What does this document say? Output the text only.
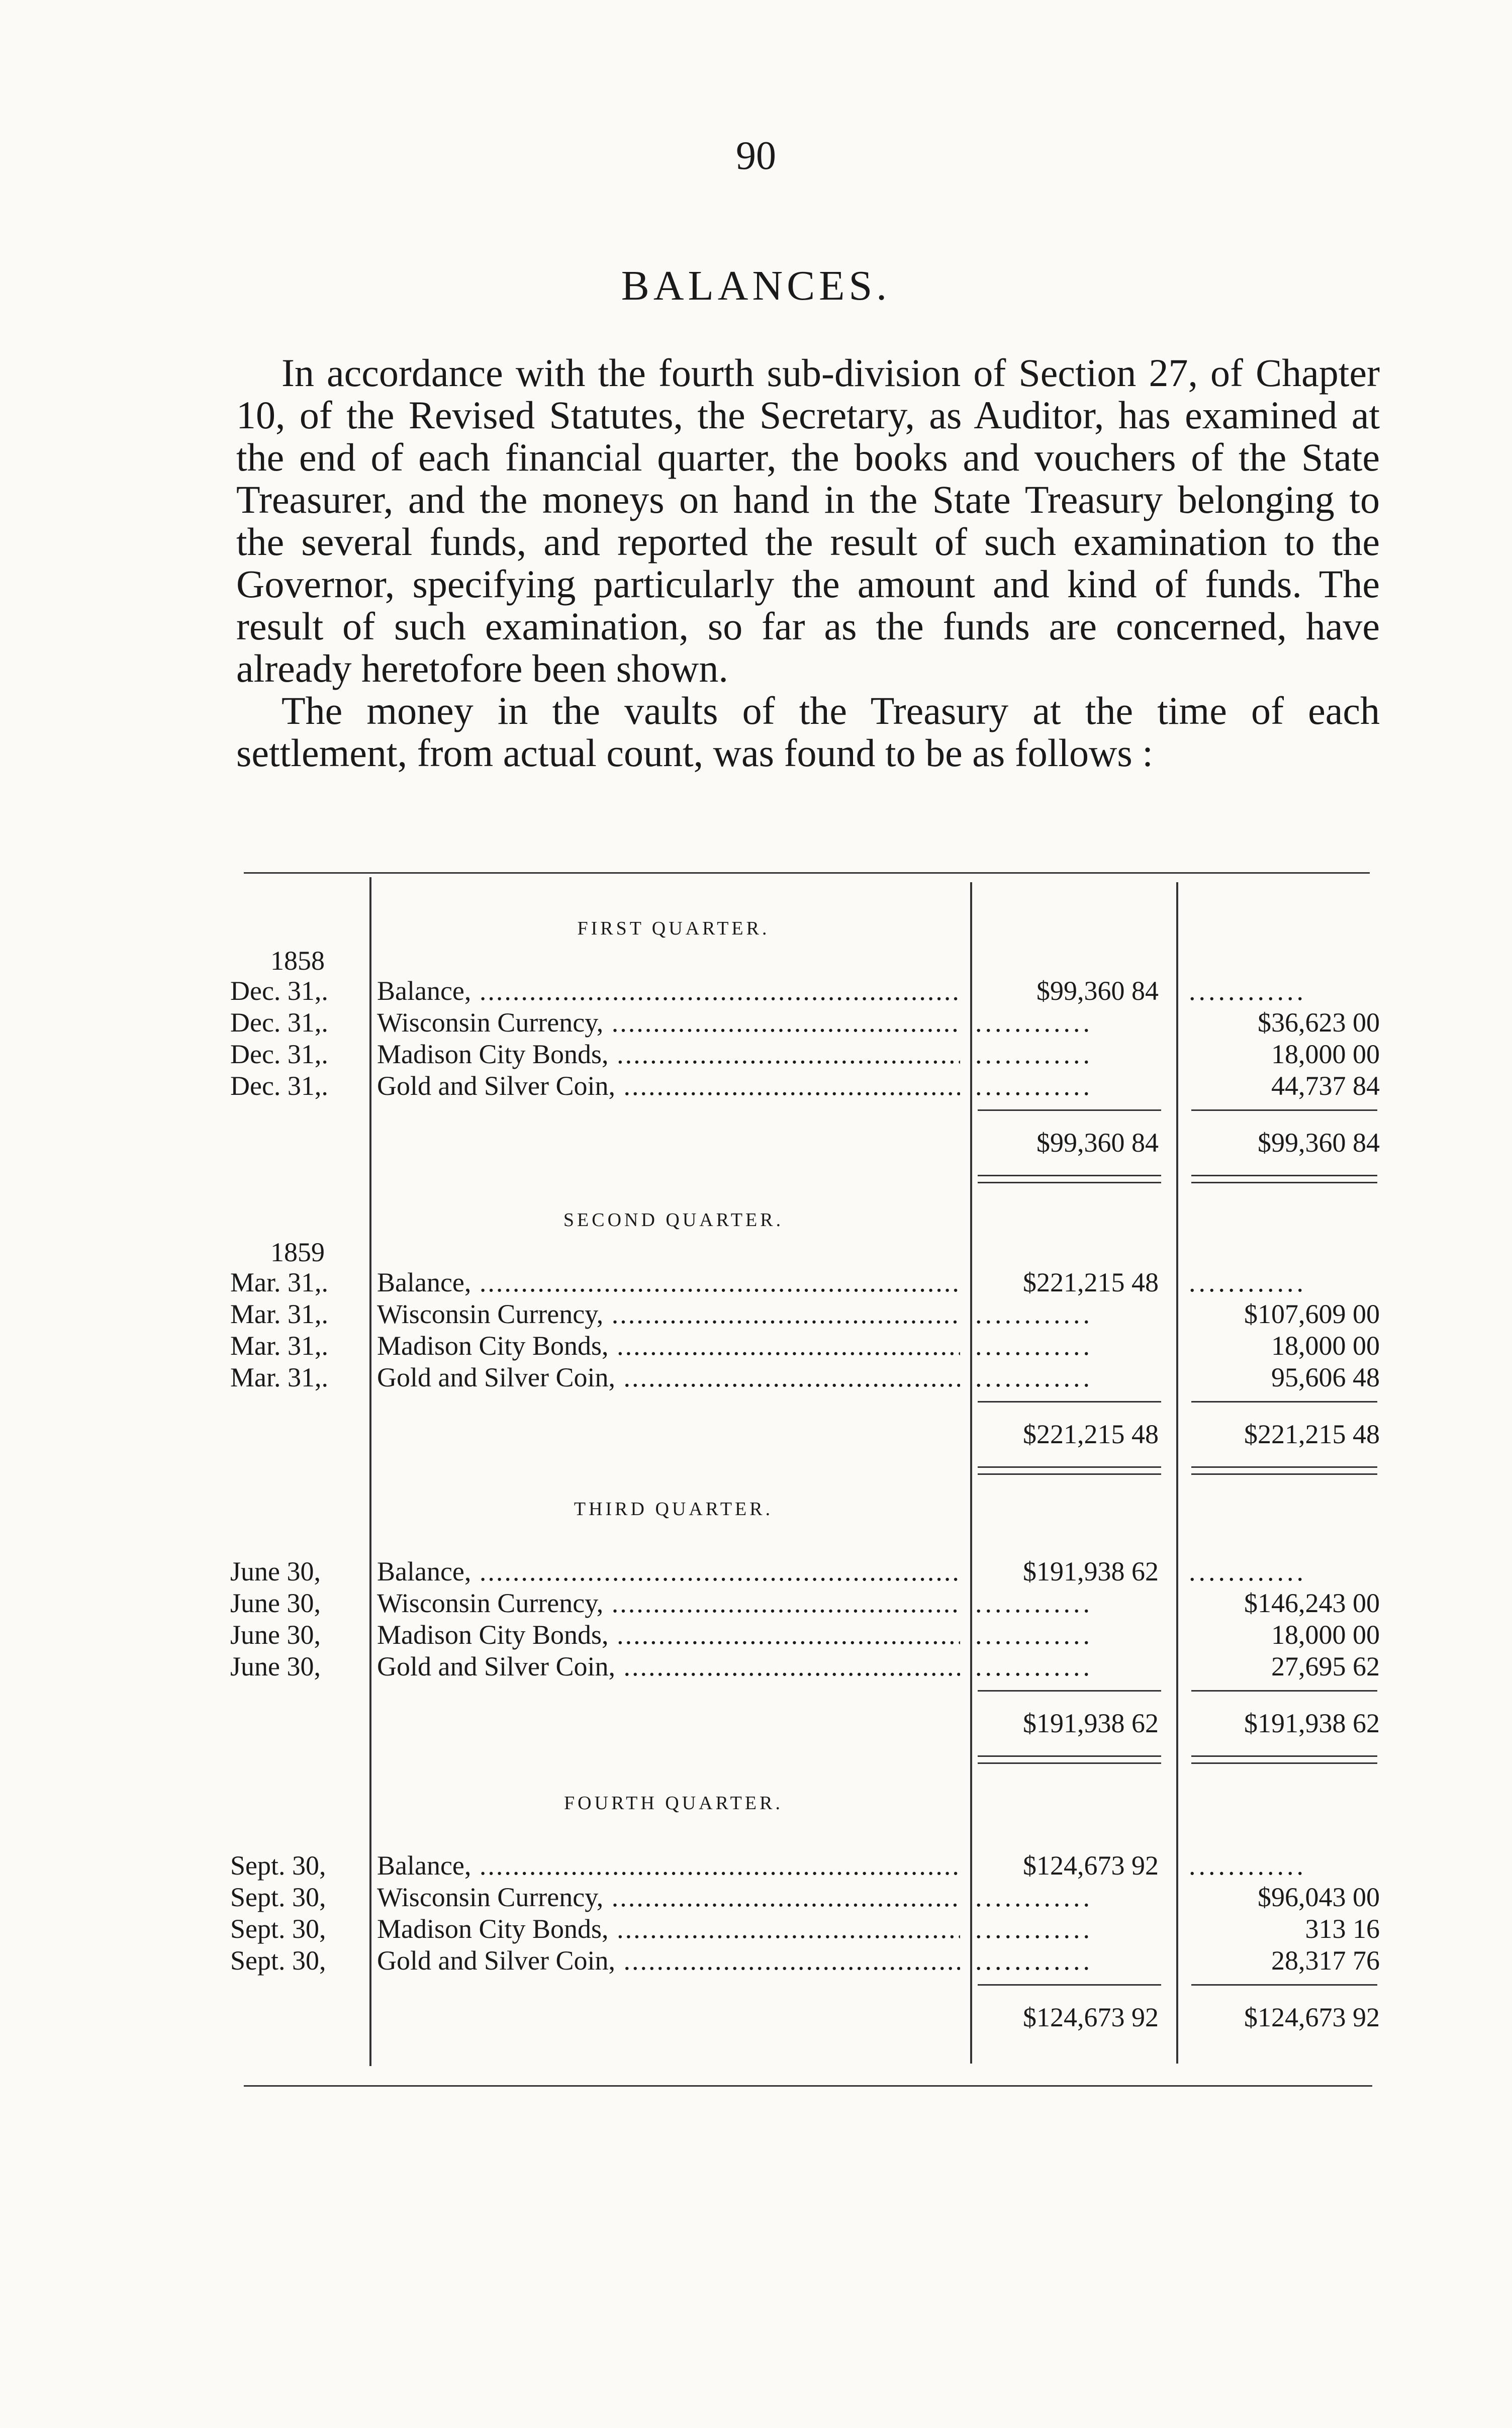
90
BALANCES.

In accordance with the fourth sub-division of Section 27, of Chapter 10, of the Revised Statutes, the Secretary, as Auditor, has examined at the end of each financial quarter, the books and vouchers of the State Treasurer, and the moneys on hand in the State Treasury belonging to the several funds, and reported the result of such examination to the Governor, specifying particularly the amount and kind of funds. The result of such examination, so far as the funds are concerned, have already heretofore been shown.

The money in the vaults of the Treasury at the time of each settlement, from actual count, was found to be as follows :

FIRST QUARTER.
1858
Dec. 31,.	Balance, .....	$99,360 84 ............
Dec. 31,.	Wisconsin Currency, .....	............	$36,623 00
Dec. 31,.	Madison City Bonds, .....	............	18,000 00
Dec. 31,.	Gold and Silver Coin, .....	............	44,737 84
$99,360 84	$99,360 84
SECOND QUARTER.
1859
Mar. 31,.	Balance, .....	$221,215 48 ............
Mar. 31,.	Wisconsin Currency, .....	............	$107,609 00
Mar. 31,.	Madison City Bonds, .....	............	18,000 00
Mar. 31,.	Gold and Silver Coin, .....	............	95,606 48
$221,215 48	$221,215 48
THIRD QUARTER.
June 30,	Balance, .....	$191,938 62 ............
June 30,	Wisconsin Currency, .....	............	$146,243 00
June 30,	Madison City Bonds, .....	............	18,000 00
June 30,	Gold and Silver Coin, .....	............	27,695 62
$191,938 62	$191,938 62
FOURTH QUARTER.
Sept. 30,	Balance, .....	$124,673 92 ............
Sept. 30,	Wisconsin Currency, .....	............	$96,043 00
Sept. 30,	Madison City Bonds, .....	............	313 16
Sept. 30,	Gold and Silver Coin, .....	............	28,317 76
$124,673 92	$124,673 92
